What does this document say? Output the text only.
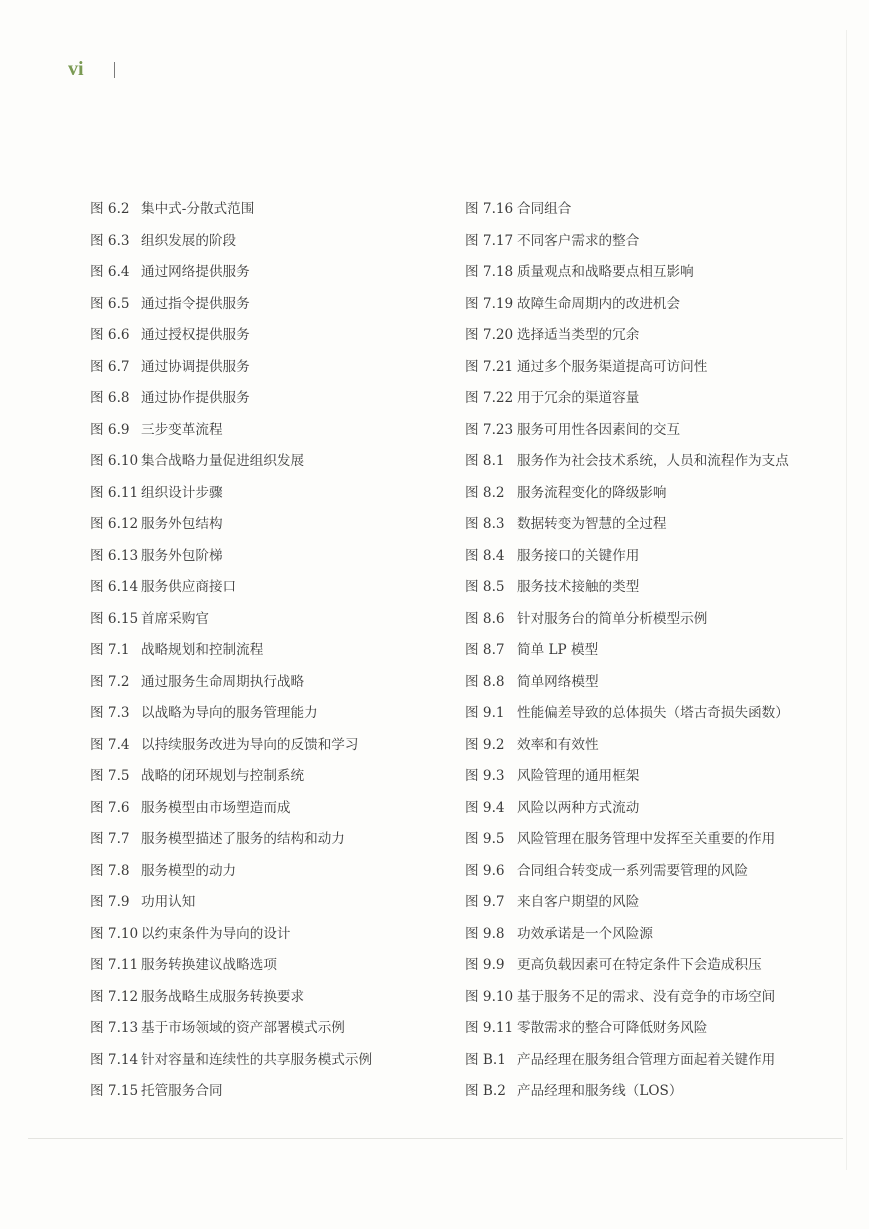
vi
图 6.2 集中式-分散式范围
图 6.3 组织发展的阶段
图 6.4 通过网络提供服务
图 6.5 通过指令提供服务
图 6.6 通过授权提供服务
图 6.7 通过协调提供服务
图 6.8 通过协作提供服务
图 6.9 三步变革流程
图 6.10 集合战略力量促进组织发展
图 6.11 组织设计步骤
图 6.12 服务外包结构
图 6.13 服务外包阶梯
图 6.14 服务供应商接口
图 6.15 首席采购官
图 7.1 战略规划和控制流程
图 7.2 通过服务生命周期执行战略
图 7.3 以战略为导向的服务管理能力
图 7.4 以持续服务改进为导向的反馈和学习
图 7.5 战略的闭环规划与控制系统
图 7.6 服务模型由市场塑造而成
图 7.7 服务模型描述了服务的结构和动力
图 7.8 服务模型的动力
图 7.9 功用认知
图 7.10 以约束条件为导向的设计
图 7.11 服务转换建议战略选项
图 7.12 服务战略生成服务转换要求
图 7.13 基于市场领域的资产部署模式示例
图 7.14 针对容量和连续性的共享服务模式示例
图 7.15 托管服务合同
图 7.16 合同组合
图 7.17 不同客户需求的整合
图 7.18 质量观点和战略要点相互影响
图 7.19 故障生命周期内的改进机会
图 7.20 选择适当类型的冗余
图 7.21 通过多个服务渠道提高可访问性
图 7.22 用于冗余的渠道容量
图 7.23 服务可用性各因素间的交互
图 8.1 服务作为社会技术系统，人员和流程作为支点
图 8.2 服务流程变化的降级影响
图 8.3 数据转变为智慧的全过程
图 8.4 服务接口的关键作用
图 8.5 服务技术接触的类型
图 8.6 针对服务台的简单分析模型示例
图 8.7 简单 LP 模型
图 8.8 简单网络模型
图 9.1 性能偏差导致的总体损失（塔古奇损失函数）
图 9.2 效率和有效性
图 9.3 风险管理的通用框架
图 9.4 风险以两种方式流动
图 9.5 风险管理在服务管理中发挥至关重要的作用
图 9.6 合同组合转变成一系列需要管理的风险
图 9.7 来自客户期望的风险
图 9.8 功效承诺是一个风险源
图 9.9 更高负载因素可在特定条件下会造成积压
图 9.10 基于服务不足的需求、没有竞争的市场空间
图 9.11 零散需求的整合可降低财务风险
图 B.1 产品经理在服务组合管理方面起着关键作用
图 B.2 产品经理和服务线（LOS）
